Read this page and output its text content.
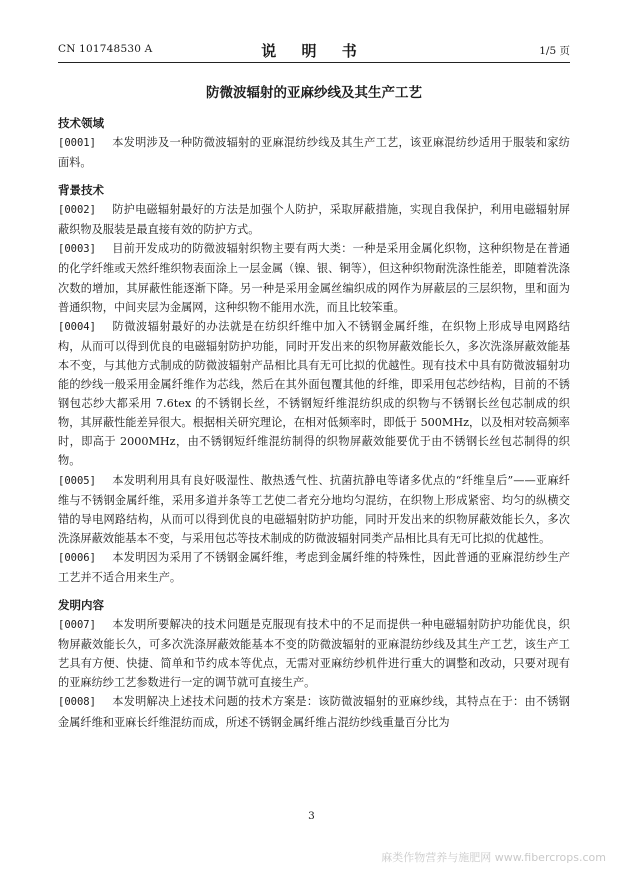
CN 101748530 A	说 明 书	1/5 页
防微波辐射的亚麻纱线及其生产工艺

技术领域

[0001] 本发明涉及一种防微波辐射的亚麻混纺纱线及其生产工艺，该亚麻混纺纱适用于服装和家纺面料。

背景技术

[0002] 防护电磁辐射最好的方法是加强个人防护，采取屏蔽措施，实现自我保护，利用电磁辐射屏蔽织物及服装是最直接有效的防护方式。

[0003] 目前开发成功的防微波辐射织物主要有两大类：一种是采用金属化织物，这种织物是在普通的化学纤维或天然纤维织物表面涂上一层金属（镍、银、铜等），但这种织物耐洗涤性能差，即随着洗涤次数的增加，其屏蔽性能逐渐下降。另一种是采用金属丝编织成的网作为屏蔽层的三层织物，里和面为普通织物，中间夹层为金属网，这种织物不能用水洗，而且比较笨重。

[0004] 防微波辐射最好的办法就是在纺织纤维中加入不锈钢金属纤维，在织物上形成导电网路结构，从而可以得到优良的电磁辐射防护功能，同时开发出来的织物屏蔽效能长久，多次洗涤屏蔽效能基本不变，与其他方式制成的防微波辐射产品相比具有无可比拟的优越性。现有技术中具有防微波辐射功能的纱线一般采用金属纤维作为芯线，然后在其外面包覆其他的纤维，即采用包芯纱结构，目前的不锈钢包芯纱大都采用 7.6tex 的不锈钢长丝，不锈钢短纤维混纺织成的织物与不锈钢长丝包芯制成的织物，其屏蔽性能差异很大。根据相关研究理论，在相对低频率时，即低于 500MHz，以及相对较高频率时，即高于 2000MHz，由不锈钢短纤维混纺制得的织物屏蔽效能要优于由不锈钢长丝包芯制得的织物。

[0005] 本发明利用具有良好吸湿性、散热透气性、抗菌抗静电等诸多优点的“纤维皇后”——亚麻纤维与不锈钢金属纤维，采用多道并条等工艺使二者充分地均匀混纺，在织物上形成紧密、均匀的纵横交错的导电网路结构，从而可以得到优良的电磁辐射防护功能，同时开发出来的织物屏蔽效能长久，多次洗涤屏蔽效能基本不变，与采用包芯等技术制成的防微波辐射同类产品相比具有无可比拟的优越性。

[0006] 本发明因为采用了不锈钢金属纤维，考虑到金属纤维的特殊性，因此普通的亚麻混纺纱生产工艺并不适合用来生产。

发明内容

[0007] 本发明所要解决的技术问题是克服现有技术中的不足而提供一种电磁辐射防护功能优良，织物屏蔽效能长久，可多次洗涤屏蔽效能基本不变的防微波辐射的亚麻混纺纱线及其生产工艺，该生产工艺具有方便、快捷、简单和节约成本等优点，无需对亚麻纺纱机件进行重大的调整和改动，只要对现有的亚麻纺纱工艺参数进行一定的调节就可直接生产。

[0008] 本发明解决上述技术问题的技术方案是：该防微波辐射的亚麻纱线，其特点在于：由不锈钢金属纤维和亚麻长纤维混纺而成，所述不锈钢金属纤维占混纺纱线重量百分比为

3
麻类作物营养与施肥网 www.fibercrops.com
